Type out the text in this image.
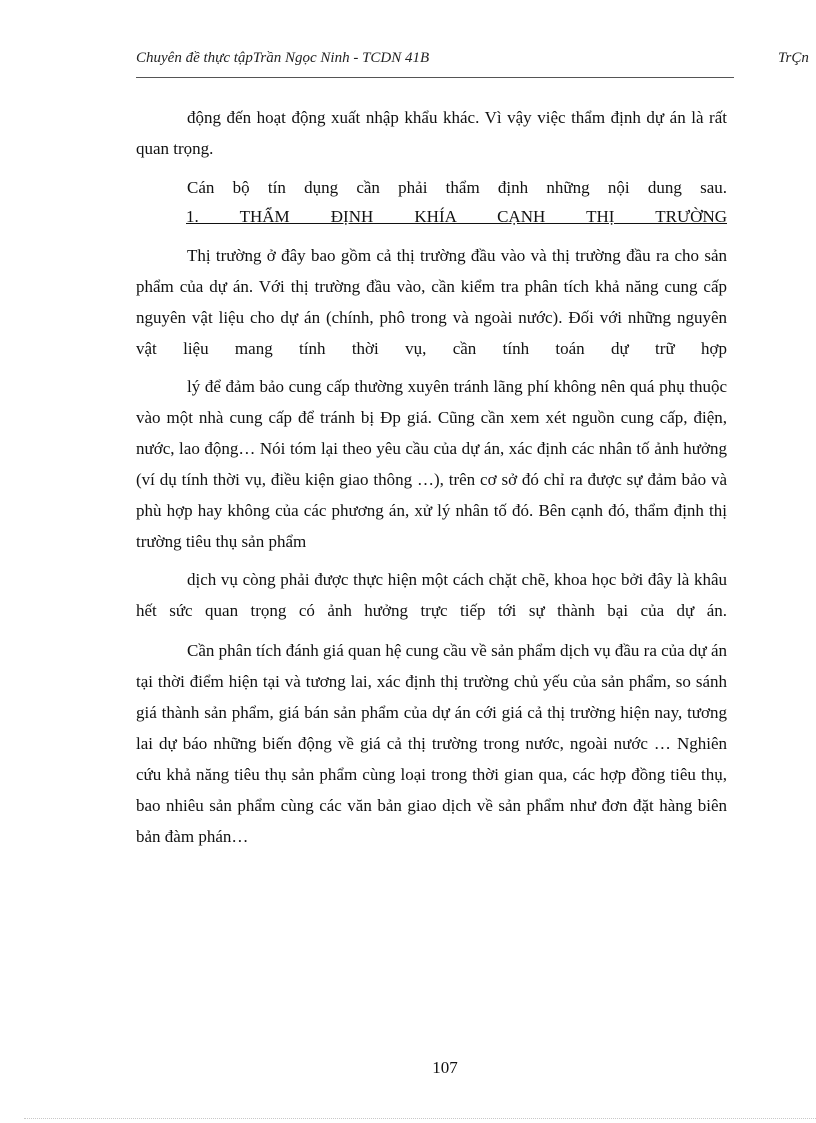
Chuyên đề thực tậpTrần Ngọc Ninh - TCDN 41B	TrÇn

động đến hoạt động xuất nhập khẩu khác. Vì vậy việc thẩm định dự án là rất quan trọng.

Cán bộ tín dụng cần phải thẩm định những nội dung sau.

1. THẨM ĐỊNH KHÍA CẠNH THỊ TRƯỜNG

Thị trường ở đây bao gồm cả thị trường đầu vào và thị trường đầu ra cho sản phẩm của dự án. Với thị trường đầu vào, cần kiểm tra phân tích khả năng cung cấp nguyên vật liệu cho dự án (chính, phô trong và ngoài nước). Đối với những nguyên vật liệu mang tính thời vụ, cần tính toán dự trữ hợp

lý để đảm bảo cung cấp thường xuyên tránh lãng phí không nên quá phụ thuộc vào một nhà cung cấp để tránh bị Ðp giá. Cũng cần xem xét nguồn cung cấp, điện, nước, lao động… Nói tóm lại theo yêu cầu của dự án, xác định các nhân tố ảnh hưởng (ví dụ tính thời vụ, điều kiện giao thông …), trên cơ sở đó chỉ ra được sự đảm bảo và phù hợp hay không của các phương án, xử lý nhân tố đó. Bên cạnh đó, thẩm định thị trường tiêu thụ sản phẩm

dịch vụ còng phải được thực hiện một cách chặt chẽ, khoa học bởi đây là khâu hết sức quan trọng có ảnh hưởng trực tiếp tới sự thành bại của dự án.

Cần phân tích đánh giá quan hệ cung cầu về sản phẩm dịch vụ đầu ra của dự án tại thời điểm hiện tại và tương lai, xác định thị trường chủ yếu của sản phẩm, so sánh giá thành sản phẩm, giá bán sản phẩm của dự án cới giá cả thị trường hiện nay, tương lai dự báo những biến động về giá cả thị trường trong nước, ngoài nước … Nghiên cứu khả năng tiêu thụ sản phẩm cùng loại trong thời gian qua, các hợp đồng tiêu thụ, bao nhiêu sản phẩm cùng các văn bản giao dịch về sản phẩm như đơn đặt hàng biên bản đàm phán…

107
